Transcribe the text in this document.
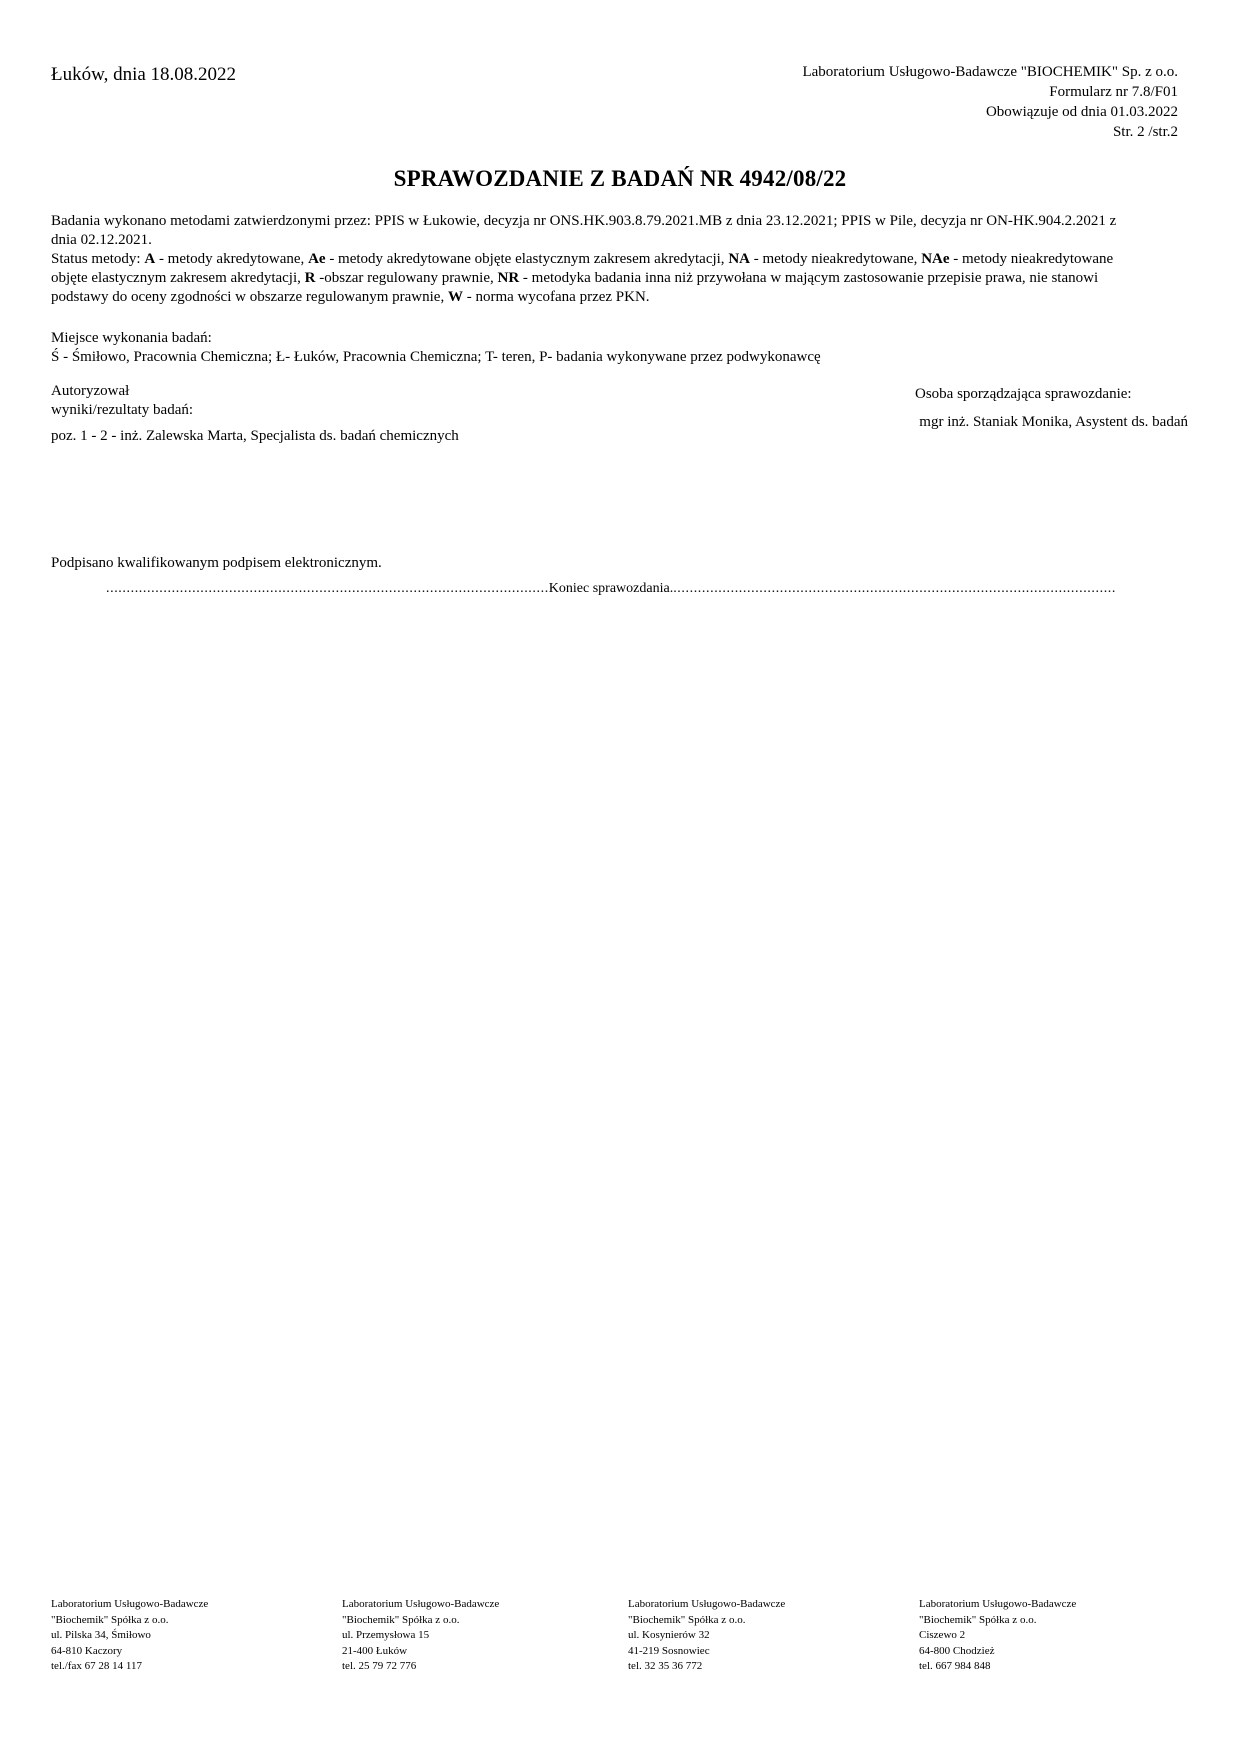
Łuków, dnia 18.08.2022	Laboratorium Usługowo-Badawcze "BIOCHEMIK" Sp. z o.o.
Formularz nr 7.8/F01
Obowiązuje od dnia 01.03.2022
Str. 2 /str.2
SPRAWOZDANIE Z BADAŃ NR 4942/08/22

Badania wykonano metodami zatwierdzonymi przez: PPIS w Łukowie, decyzja nr ONS.HK.903.8.79.2021.MB z dnia 23.12.2021; PPIS w Pile, decyzja nr ON-HK.904.2.2021 z dnia 02.12.2021.

Status metody: A - metody akredytowane, Ae - metody akredytowane objęte elastycznym zakresem akredytacji, NA - metody nieakredytowane, NAe - metody nieakredytowane objęte elastycznym zakresem akredytacji, R -obszar regulowany prawnie, NR - metodyka badania inna niż przywołana w mającym zastosowanie przepisie prawa, nie stanowi podstawy do oceny zgodności w obszarze regulowanym prawnie, W - norma wycofana przez PKN.

Miejsce wykonania badań:
Ś - Śmiłowo, Pracownia Chemiczna; Ł- Łuków, Pracownia Chemiczna; T- teren, P- badania wykonywane przez podwykonawcę
Autoryzował
wyniki/rezultaty badań:
poz. 1 - 2 - inż. Zalewska Marta, Specjalista ds. badań chemicznych
Osoba sporządzająca sprawozdanie:
mgr inż. Staniak Monika, Asystent ds. badań
Podpisano kwalifikowanym podpisem elektronicznym.
.....
Koniec sprawozdania.
.....
Laboratorium Usługowo-Badawcze
"Biochemik" Spółka z o.o.
ul. Pilska 34, Śmiłowo
64-810 Kaczory
tel./fax 67 28 14 117
Laboratorium Usługowo-Badawcze
"Biochemik" Spółka z o.o.
ul. Przemysłowa 15
21-400 Łuków
tel. 25 79 72 776
Laboratorium Usługowo-Badawcze
"Biochemik" Spółka z o.o.
ul. Kosynierów 32
41-219 Sosnowiec
tel. 32 35 36 772
Laboratorium Usługowo-Badawcze
"Biochemik" Spółka z o.o.
Ciszewo 2
64-800 Chodzież
tel. 667 984 848
